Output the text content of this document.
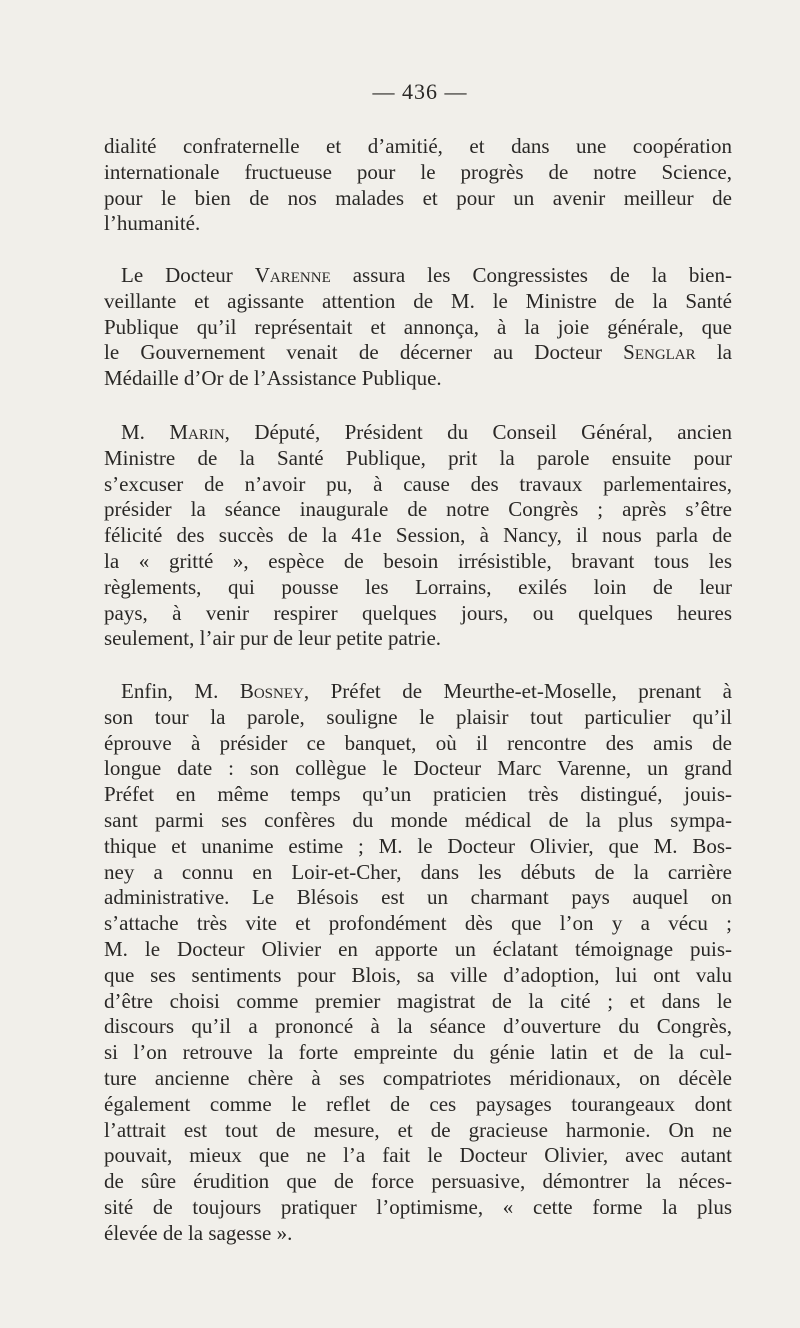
— 436 —
dialité confraternelle et d’amitié, et dans une coopération
internationale fructueuse pour le progrès de notre Science,
pour le bien de nos malades et pour un avenir meilleur de
l’humanité.
Le Docteur Varenne assura les Congressistes de la bien-
veillante et agissante attention de M. le Ministre de la Santé
Publique qu’il représentait et annonça, à la joie générale, que
le Gouvernement venait de décerner au Docteur Senglar la
Médaille d’Or de l’Assistance Publique.
M. Marin, Député, Président du Conseil Général, ancien
Ministre de la Santé Publique, prit la parole ensuite pour
s’excuser de n’avoir pu, à cause des travaux parlementaires,
présider la séance inaugurale de notre Congrès ; après s’être
félicité des succès de la 41e Session, à Nancy, il nous parla de
la « gritté », espèce de besoin irrésistible, bravant tous les
règlements, qui pousse les Lorrains, exilés loin de leur
pays, à venir respirer quelques jours, ou quelques heures
seulement, l’air pur de leur petite patrie.
Enfin, M. Bosney, Préfet de Meurthe-et-Moselle, prenant à
son tour la parole, souligne le plaisir tout particulier qu’il
éprouve à présider ce banquet, où il rencontre des amis de
longue date : son collègue le Docteur Marc Varenne, un grand
Préfet en même temps qu’un praticien très distingué, jouis-
sant parmi ses confères du monde médical de la plus sympa-
thique et unanime estime ; M. le Docteur Olivier, que M. Bos-
ney a connu en Loir-et-Cher, dans les débuts de la carrière
administrative. Le Blésois est un charmant pays auquel on
s’attache très vite et profondément dès que l’on y a vécu ;
M. le Docteur Olivier en apporte un éclatant témoignage puis-
que ses sentiments pour Blois, sa ville d’adoption, lui ont valu
d’être choisi comme premier magistrat de la cité ; et dans le
discours qu’il a prononcé à la séance d’ouverture du Congrès,
si l’on retrouve la forte empreinte du génie latin et de la cul-
ture ancienne chère à ses compatriotes méridionaux, on décèle
également comme le reflet de ces paysages tourangeaux dont
l’attrait est tout de mesure, et de gracieuse harmonie. On ne
pouvait, mieux que ne l’a fait le Docteur Olivier, avec autant
de sûre érudition que de force persuasive, démontrer la néces-
sité de toujours pratiquer l’optimisme, « cette forme la plus
élevée de la sagesse ».
